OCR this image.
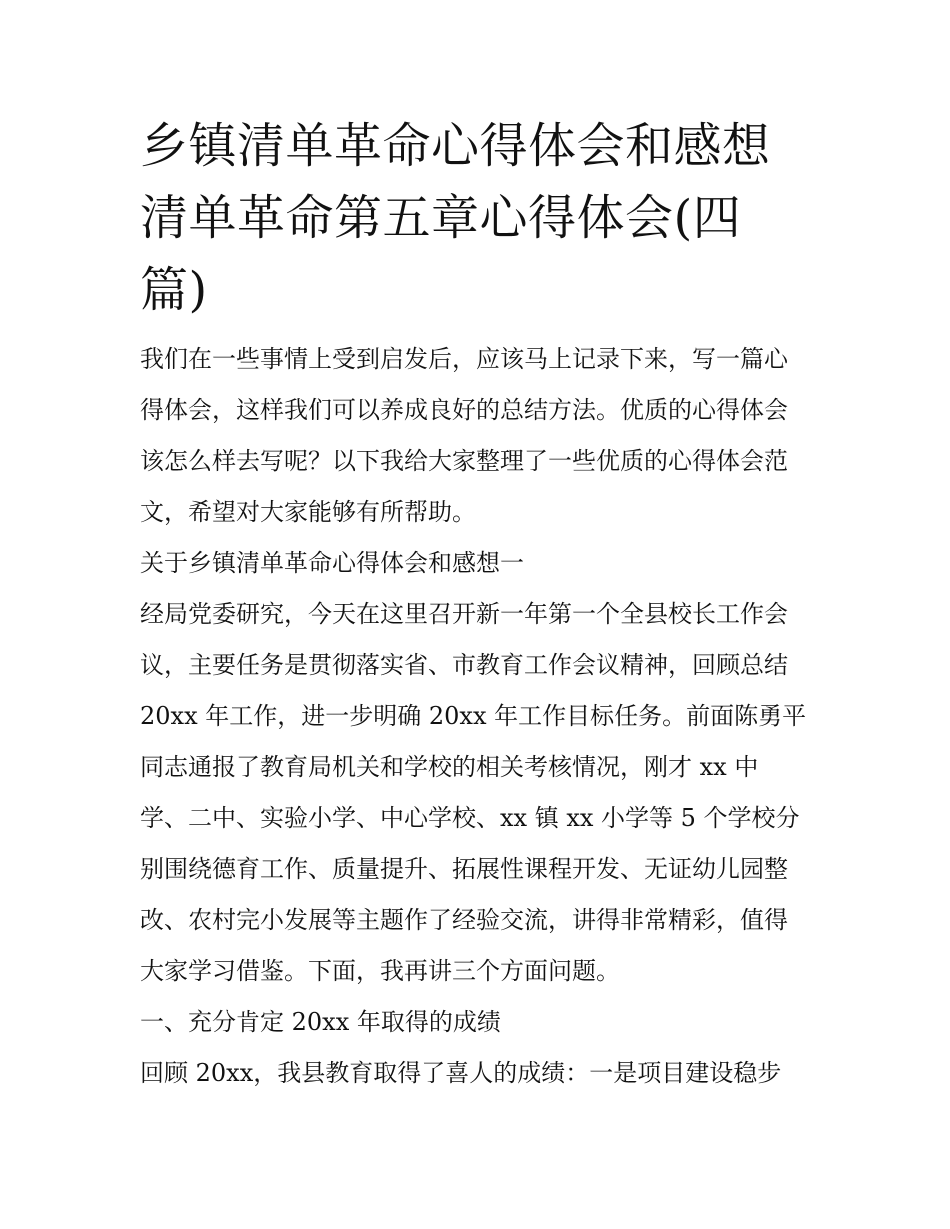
乡镇清单革命心得体会和感想
清单革命第五章心得体会(四
篇)

我们在一些事情上受到启发后，应该马上记录下来，写一篇心
得体会，这样我们可以养成良好的总结方法。优质的心得体会
该怎么样去写呢？以下我给大家整理了一些优质的心得体会范
文，希望对大家能够有所帮助。

关于乡镇清单革命心得体会和感想一

经局党委研究，今天在这里召开新一年第一个全县校长工作会
议，主要任务是贯彻落实省、市教育工作会议精神，回顾总结
20xx 年工作，进一步明确 20xx 年工作目标任务。前面陈勇平
同志通报了教育局机关和学校的相关考核情况，刚才 xx 中
学、二中、实验小学、中心学校、xx 镇 xx 小学等 5 个学校分
别围绕德育工作、质量提升、拓展性课程开发、无证幼儿园整
改、农村完小发展等主题作了经验交流，讲得非常精彩，值得
大家学习借鉴。下面，我再讲三个方面问题。

一、充分肯定 20xx 年取得的成绩

回顾 20xx，我县教育取得了喜人的成绩：一是项目建设稳步
